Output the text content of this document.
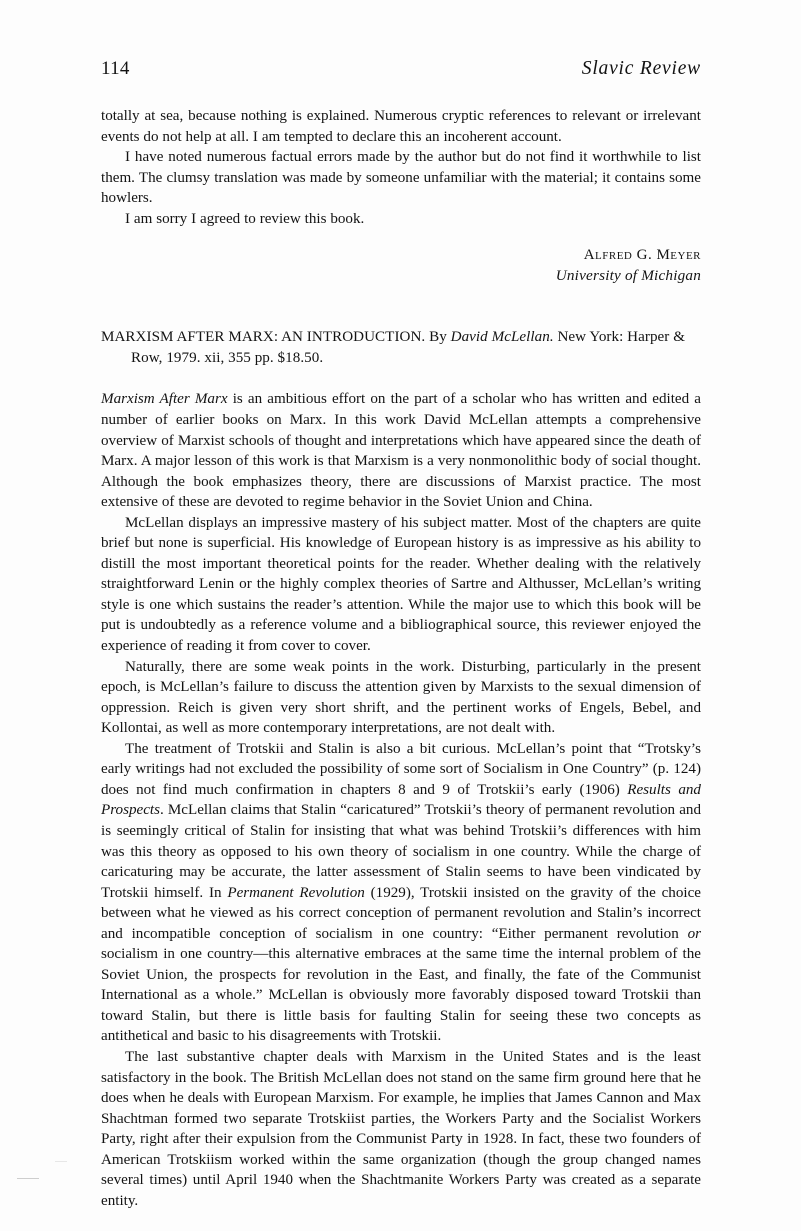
114	Slavic Review

totally at sea, because nothing is explained. Numerous cryptic references to relevant or irrelevant events do not help at all. I am tempted to declare this an incoherent account.

I have noted numerous factual errors made by the author but do not find it worthwhile to list them. The clumsy translation was made by someone unfamiliar with the material; it contains some howlers.

I am sorry I agreed to review this book.

Alfred G. Meyer
University of Michigan

MARXISM AFTER MARX: AN INTRODUCTION. By David McLellan. New York: Harper & Row, 1979. xii, 355 pp. $18.50.

Marxism After Marx is an ambitious effort on the part of a scholar who has written and edited a number of earlier books on Marx. In this work David McLellan attempts a comprehensive overview of Marxist schools of thought and interpretations which have appeared since the death of Marx. A major lesson of this work is that Marxism is a very nonmonolithic body of social thought. Although the book emphasizes theory, there are discussions of Marxist practice. The most extensive of these are devoted to regime behavior in the Soviet Union and China.

McLellan displays an impressive mastery of his subject matter. Most of the chapters are quite brief but none is superficial. His knowledge of European history is as impressive as his ability to distill the most important theoretical points for the reader. Whether dealing with the relatively straightforward Lenin or the highly complex theories of Sartre and Althusser, McLellan’s writing style is one which sustains the reader’s attention. While the major use to which this book will be put is undoubtedly as a reference volume and a bibliographical source, this reviewer enjoyed the experience of reading it from cover to cover.

Naturally, there are some weak points in the work. Disturbing, particularly in the present epoch, is McLellan’s failure to discuss the attention given by Marxists to the sexual dimension of oppression. Reich is given very short shrift, and the pertinent works of Engels, Bebel, and Kollontai, as well as more contemporary interpretations, are not dealt with.

The treatment of Trotskii and Stalin is also a bit curious. McLellan’s point that “Trotsky’s early writings had not excluded the possibility of some sort of Socialism in One Country” (p. 124) does not find much confirmation in chapters 8 and 9 of Trotskii’s early (1906) Results and Prospects. McLellan claims that Stalin “caricatured” Trotskii’s theory of permanent revolution and is seemingly critical of Stalin for insisting that what was behind Trotskii’s differences with him was this theory as opposed to his own theory of socialism in one country. While the charge of caricaturing may be accurate, the latter assessment of Stalin seems to have been vindicated by Trotskii himself. In Permanent Revolution (1929), Trotskii insisted on the gravity of the choice between what he viewed as his correct conception of permanent revolution and Stalin’s incorrect and incompatible conception of socialism in one country: “Either permanent revolution or socialism in one country—this alternative embraces at the same time the internal problem of the Soviet Union, the prospects for revolution in the East, and finally, the fate of the Communist International as a whole.” McLellan is obviously more favorably disposed toward Trotskii than toward Stalin, but there is little basis for faulting Stalin for seeing these two concepts as antithetical and basic to his disagreements with Trotskii.

The last substantive chapter deals with Marxism in the United States and is the least satisfactory in the book. The British McLellan does not stand on the same firm ground here that he does when he deals with European Marxism. For example, he implies that James Cannon and Max Shachtman formed two separate Trotskiist parties, the Workers Party and the Socialist Workers Party, right after their expulsion from the Communist Party in 1928. In fact, these two founders of American Trotskiism worked within the same organization (though the group changed names several times) until April 1940 when the Shachtmanite Workers Party was created as a separate entity.
